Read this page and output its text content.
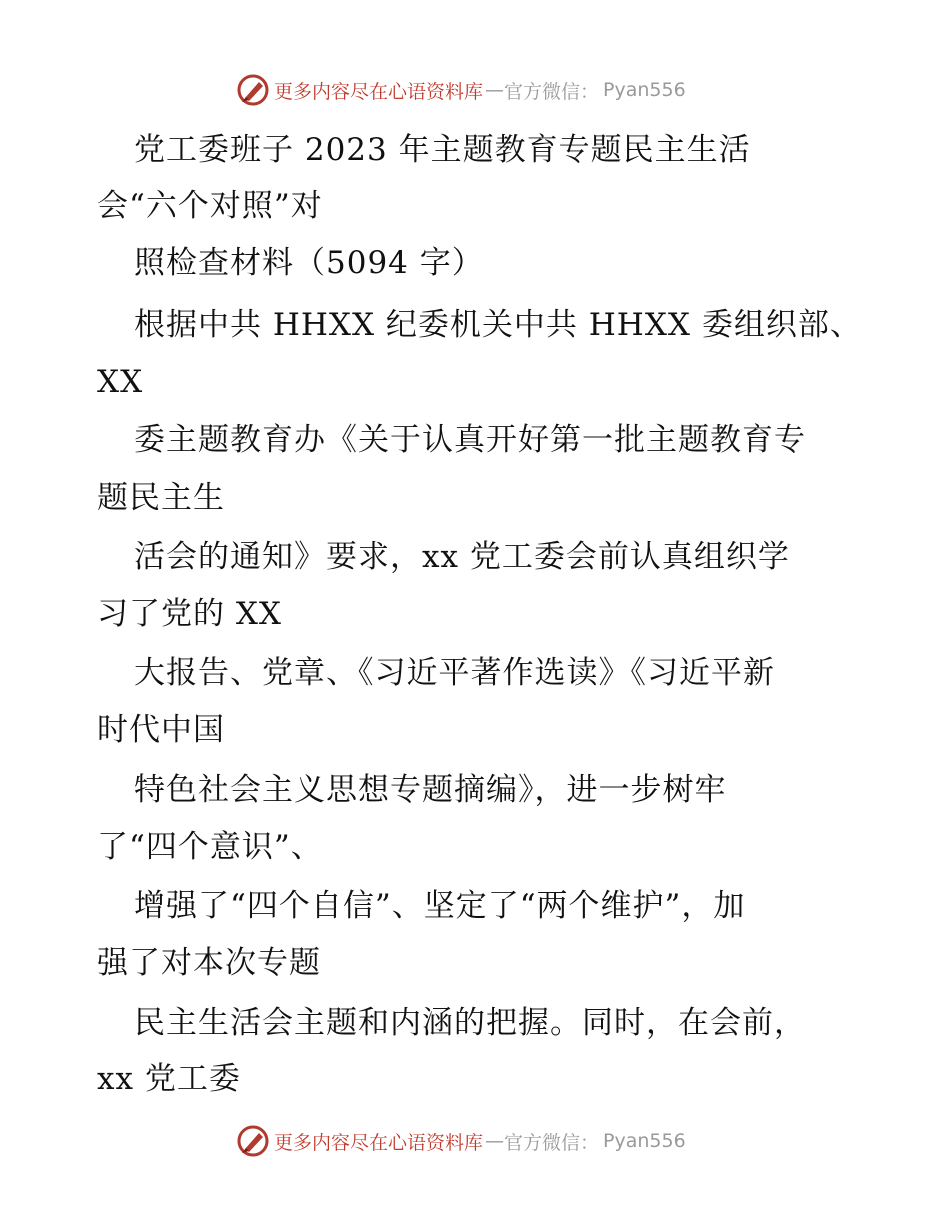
更多内容尽在心语资料库 — 官方微信： Pyan556
党工委班子 2023 年主题教育专题民主生活
会“六个对照”对
照检查材料（5094 字）
根据中共 HHXX 纪委机关中共 HHXX 委组织部、
XX
委主题教育办《关于认真开好第一批主题教育专
题民主生
活会的通知》要求，xx 党工委会前认真组织学
习了党的 XX
大报告、党章、《习近平著作选读》《习近平新
时代中国
特色社会主义思想专题摘编》，进一步树牢
了“四个意识”、
增强了“四个自信”、坚定了“两个维护”，加
强了对本次专题
民主生活会主题和内涵的把握。同时，在会前，
xx 党工委
更多内容尽在心语资料库 — 官方微信： Pyan556
